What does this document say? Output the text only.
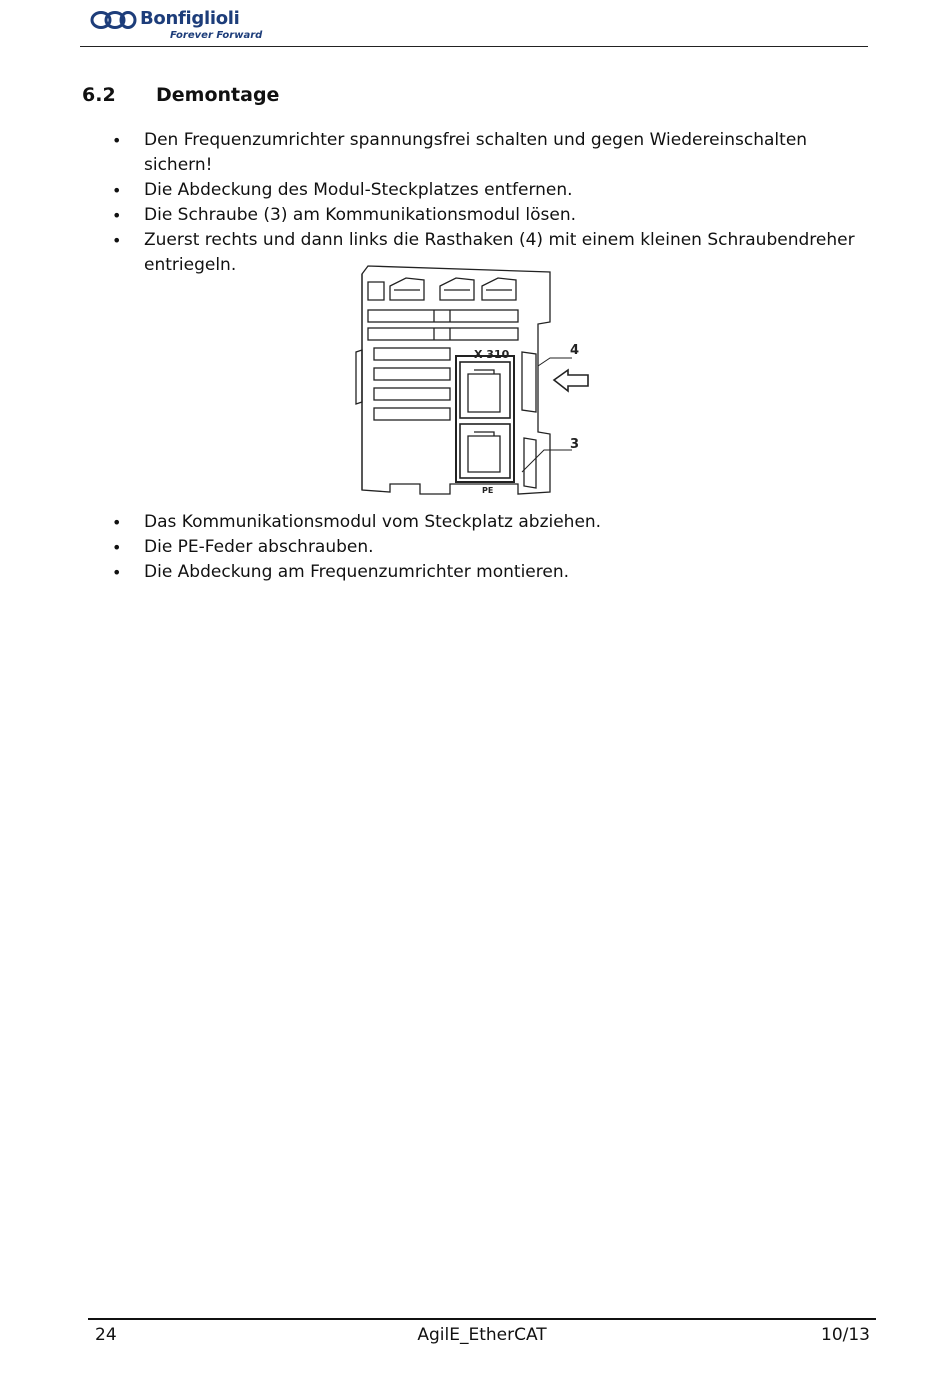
Bonfiglioli
Forever Forward
6.2 Demontage
• Den Frequenzumrichter spannungsfrei schalten und gegen Wiedereinschalten sichern!
• Die Abdeckung des Modul-Steckplatzes entfernen.
• Die Schraube (3) am Kommunikationsmodul lösen.
• Zuerst rechts und dann links die Rasthaken (4) mit einem kleinen Schraubendreher entriegeln.
X 310	4
3
PE
• Das Kommunikationsmodul vom Steckplatz abziehen.
• Die PE-Feder abschrauben.
• Die Abdeckung am Frequenzumrichter montieren.
24	AgilE_EtherCAT	10/13
